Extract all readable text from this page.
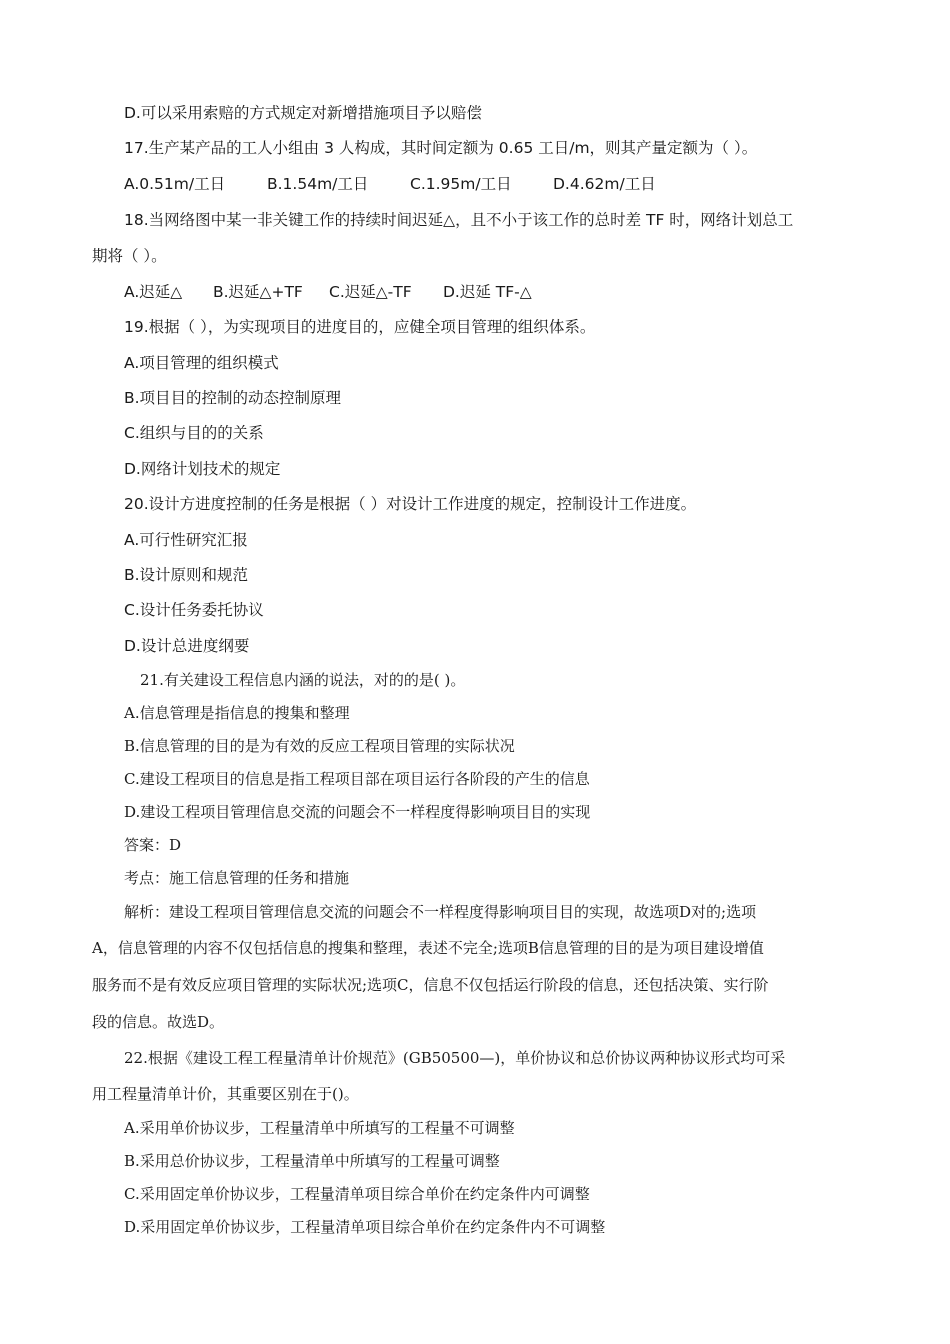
D.可以采用索赔的方式规定对新增措施项目予以赔偿

17.生产某产品的工人小组由 3 人构成，其时间定额为 0.65 工日/m，则其产量定额为（ ）。

A.0.51m/工日	B.1.54m/工日	C.1.95m/工日	D.4.62m/工日

18.当网络图中某一非关键工作的持续时间迟延△，且不小于该工作的总时差 TF 时，网络计划总工

期将（ ）。

A.迟延△ B.迟延△+TF C.迟延△-TF D.迟延 TF-△

19.根据（ ），为实现项目的进度目的，应健全项目管理的组织体系。

A.项目管理的组织模式

B.项目目的控制的动态控制原理

C.组织与目的的关系

D.网络计划技术的规定

20.设计方进度控制的任务是根据（ ）对设计工作进度的规定，控制设计工作进度。

A.可行性研究汇报

B.设计原则和规范

C.设计任务委托协议

D.设计总进度纲要

21.有关建设工程信息内涵的说法，对的的是( )。

A.信息管理是指信息的搜集和整理

B.信息管理的目的是为有效的反应工程项目管理的实际状况

C.建设工程项目的信息是指工程项目部在项目运行各阶段的产生的信息

D.建设工程项目管理信息交流的问题会不一样程度得影响项目目的实现

答案：D

考点：施工信息管理的任务和措施

解析：建设工程项目管理信息交流的问题会不一样程度得影响项目目的实现，故选项D对的;选项

A，信息管理的内容不仅包括信息的搜集和整理，表述不完全;选项B信息管理的目的是为项目建设增值

服务而不是有效反应项目管理的实际状况;选项C，信息不仅包括运行阶段的信息，还包括决策、实行阶

段的信息。故选D。

22.根据《建设工程工程量清单计价规范》(GB50500—)，单价协议和总价协议两种协议形式均可采

用工程量清单计价，其重要区别在于()。

A.采用单价协议步，工程量清单中所填写的工程量不可调整

B.采用总价协议步，工程量清单中所填写的工程量可调整

C.采用固定单价协议步，工程量清单项目综合单价在约定条件内可调整

D.采用固定单价协议步，工程量清单项目综合单价在约定条件内不可调整
